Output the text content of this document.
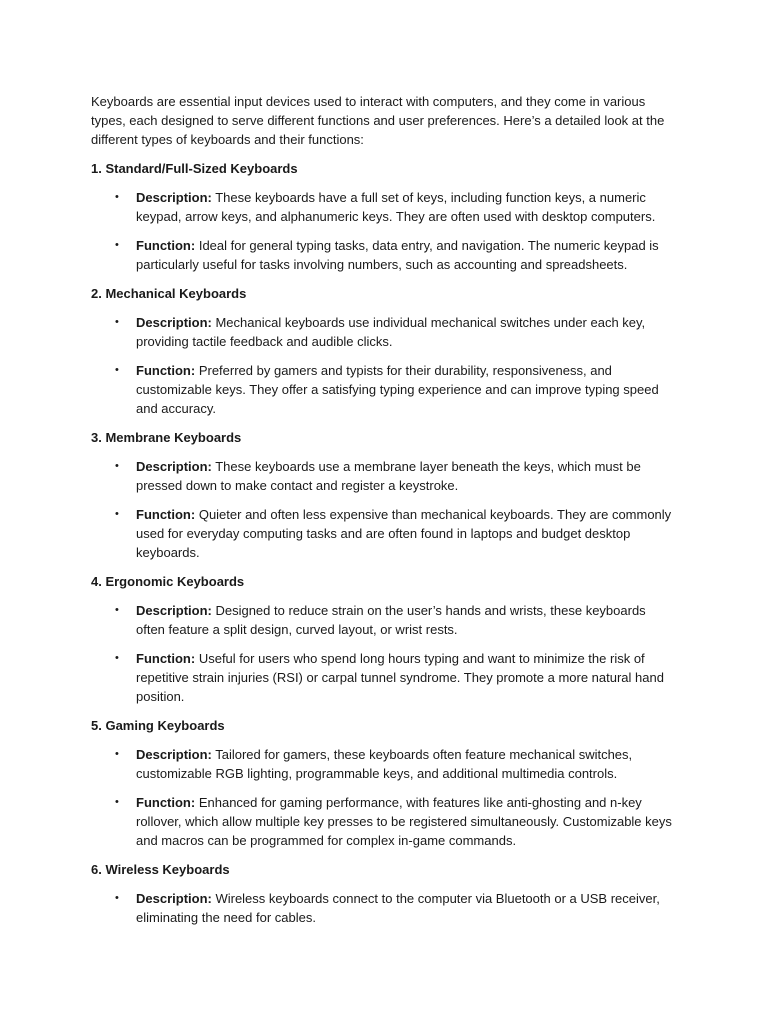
Keyboards are essential input devices used to interact with computers, and they come in various types, each designed to serve different functions and user preferences. Here’s a detailed look at the different types of keyboards and their functions:

1. Standard/Full-Sized Keyboards
• Description: These keyboards have a full set of keys, including function keys, a numeric keypad, arrow keys, and alphanumeric keys. They are often used with desktop computers.
• Function: Ideal for general typing tasks, data entry, and navigation. The numeric keypad is particularly useful for tasks involving numbers, such as accounting and spreadsheets.
2. Mechanical Keyboards
• Description: Mechanical keyboards use individual mechanical switches under each key, providing tactile feedback and audible clicks.
• Function: Preferred by gamers and typists for their durability, responsiveness, and customizable keys. They offer a satisfying typing experience and can improve typing speed and accuracy.
3. Membrane Keyboards
• Description: These keyboards use a membrane layer beneath the keys, which must be pressed down to make contact and register a keystroke.
• Function: Quieter and often less expensive than mechanical keyboards. They are commonly used for everyday computing tasks and are often found in laptops and budget desktop keyboards.
4. Ergonomic Keyboards
• Description: Designed to reduce strain on the user’s hands and wrists, these keyboards often feature a split design, curved layout, or wrist rests.
• Function: Useful for users who spend long hours typing and want to minimize the risk of repetitive strain injuries (RSI) or carpal tunnel syndrome. They promote a more natural hand position.
5. Gaming Keyboards
• Description: Tailored for gamers, these keyboards often feature mechanical switches, customizable RGB lighting, programmable keys, and additional multimedia controls.
• Function: Enhanced for gaming performance, with features like anti-ghosting and n-key rollover, which allow multiple key presses to be registered simultaneously. Customizable keys and macros can be programmed for complex in-game commands.
6. Wireless Keyboards
• Description: Wireless keyboards connect to the computer via Bluetooth or a USB receiver, eliminating the need for cables.
